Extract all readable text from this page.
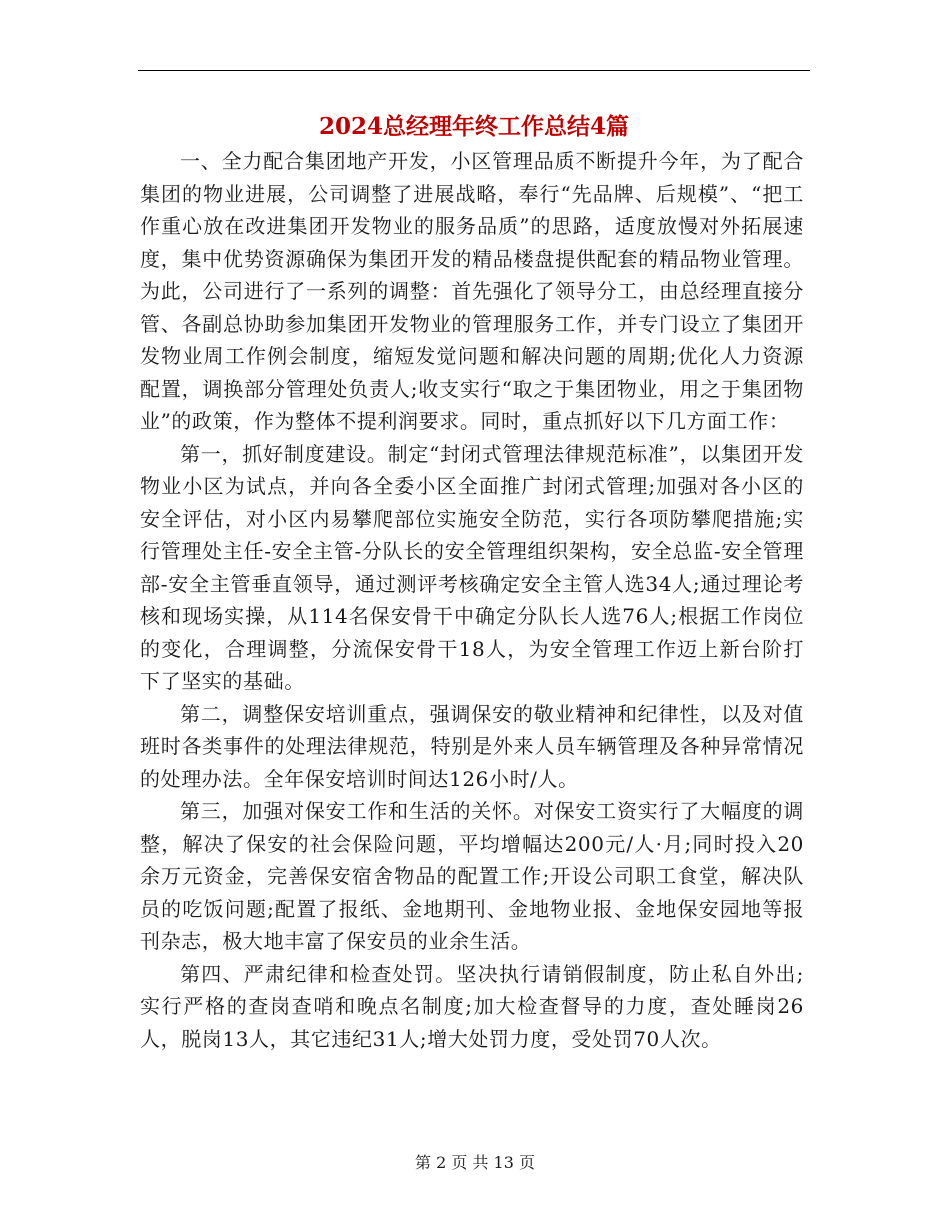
2024总经理年终工作总结4篇

一、全力配合集团地产开发，小区管理品质不断提升今年，为了配合集团的物业进展，公司调整了进展战略，奉行“先品牌、后规模”、“把工作重心放在改进集团开发物业的服务品质”的思路，适度放慢对外拓展速度，集中优势资源确保为集团开发的精品楼盘提供配套的精品物业管理。为此，公司进行了一系列的调整：首先强化了领导分工，由总经理直接分管、各副总协助参加集团开发物业的管理服务工作，并专门设立了集团开发物业周工作例会制度，缩短发觉问题和解决问题的周期;优化人力资源配置，调换部分管理处负责人;收支实行“取之于集团物业，用之于集团物业”的政策，作为整体不提利润要求。同时，重点抓好以下几方面工作：

第一，抓好制度建设。制定“封闭式管理法律规范标准”，以集团开发物业小区为试点，并向各全委小区全面推广封闭式管理;加强对各小区的安全评估，对小区内易攀爬部位实施安全防范，实行各项防攀爬措施;实行管理处主任-安全主管-分队长的安全管理组织架构，安全总监-安全管理部-安全主管垂直领导，通过测评考核确定安全主管人选34人;通过理论考核和现场实操，从114名保安骨干中确定分队长人选76人;根据工作岗位的变化，合理调整，分流保安骨干18人，为安全管理工作迈上新台阶打下了坚实的基础。

第二，调整保安培训重点，强调保安的敬业精神和纪律性，以及对值班时各类事件的处理法律规范，特别是外来人员车辆管理及各种异常情况的处理办法。全年保安培训时间达126小时/人。

第三，加强对保安工作和生活的关怀。对保安工资实行了大幅度的调整，解决了保安的社会保险问题，平均增幅达200元/人·月;同时投入20余万元资金，完善保安宿舍物品的配置工作;开设公司职工食堂，解决队员的吃饭问题;配置了报纸、金地期刊、金地物业报、金地保安园地等报刊杂志，极大地丰富了保安员的业余生活。

第四、严肃纪律和检查处罚。坚决执行请销假制度，防止私自外出;实行严格的查岗查哨和晚点名制度;加大检查督导的力度，查处睡岗26人，脱岗13人，其它违纪31人;增大处罚力度，受处罚70人次。

第 2 页 共 13 页
